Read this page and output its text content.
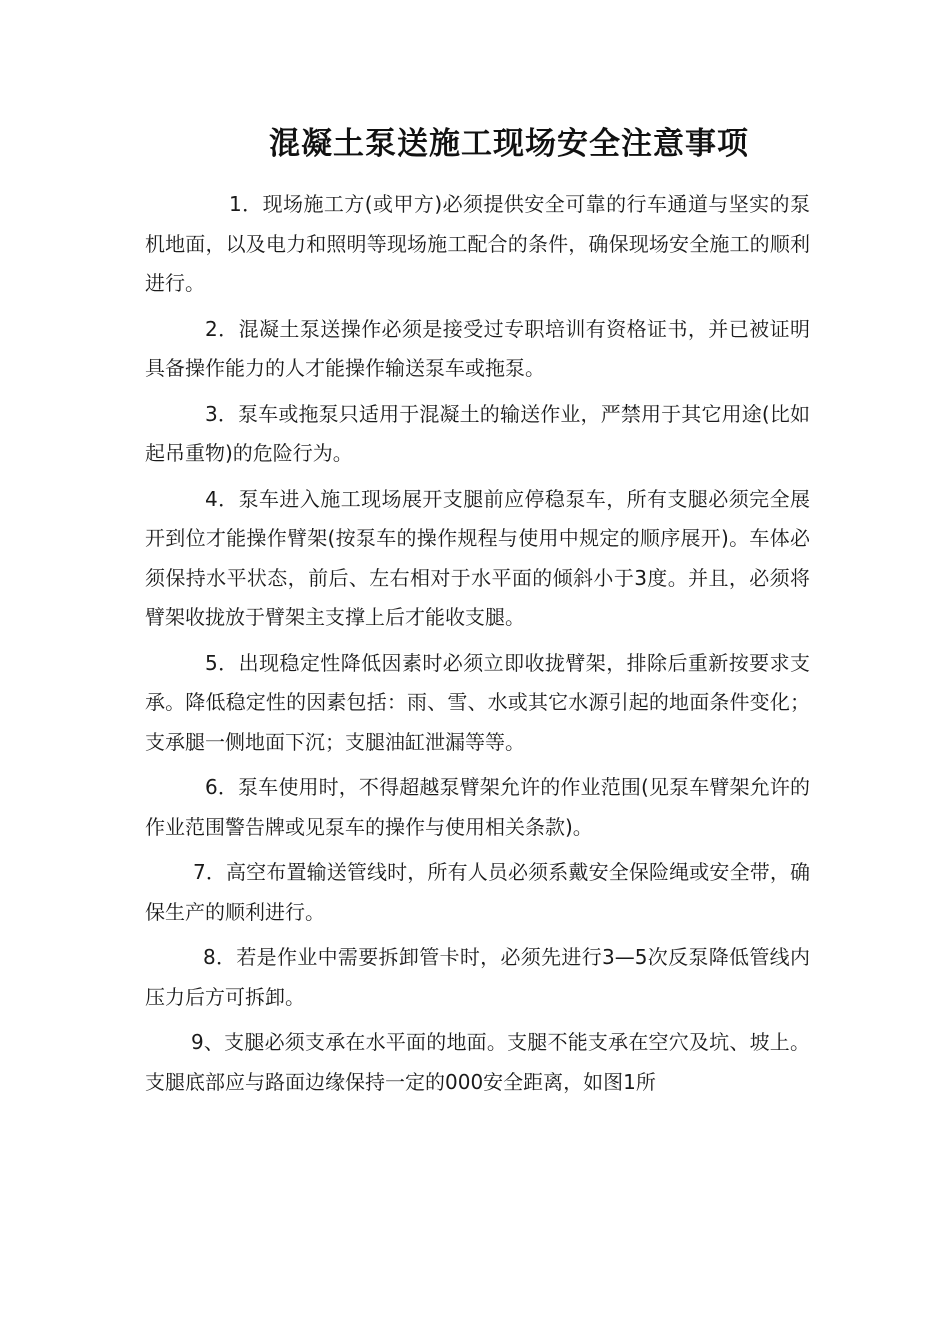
混凝土泵送施工现场安全注意事项

1．现场施工方(或甲方)必须提供安全可靠的行车通道与坚实的泵机地面，以及电力和照明等现场施工配合的条件，确保现场安全施工的顺利进行。

2．混凝土泵送操作必须是接受过专职培训有资格证书，并已被证明具备操作能力的人才能操作输送泵车或拖泵。

3．泵车或拖泵只适用于混凝土的输送作业，严禁用于其它用途(比如起吊重物)的危险行为。

4．泵车进入施工现场展开支腿前应停稳泵车，所有支腿必须完全展开到位才能操作臂架(按泵车的操作规程与使用中规定的顺序展开)。车体必须保持水平状态，前后、左右相对于水平面的倾斜小于3度。并且，必须将臂架收拢放于臂架主支撑上后才能收支腿。

5．出现稳定性降低因素时必须立即收拢臂架，排除后重新按要求支承。降低稳定性的因素包括：雨、雪、水或其它水源引起的地面条件变化；支承腿一侧地面下沉；支腿油缸泄漏等等。

6．泵车使用时，不得超越泵臂架允许的作业范围(见泵车臂架允许的作业范围警告牌或见泵车的操作与使用相关条款)。

7．高空布置输送管线时，所有人员必须系戴安全保险绳或安全带，确保生产的顺利进行。

8．若是作业中需要拆卸管卡时，必须先进行3—5次反泵降低管线内压力后方可拆卸。

9、支腿必须支承在水平面的地面。支腿不能支承在空穴及坑、坡上。支腿底部应与路面边缘保持一定的000安全距离，如图1所
